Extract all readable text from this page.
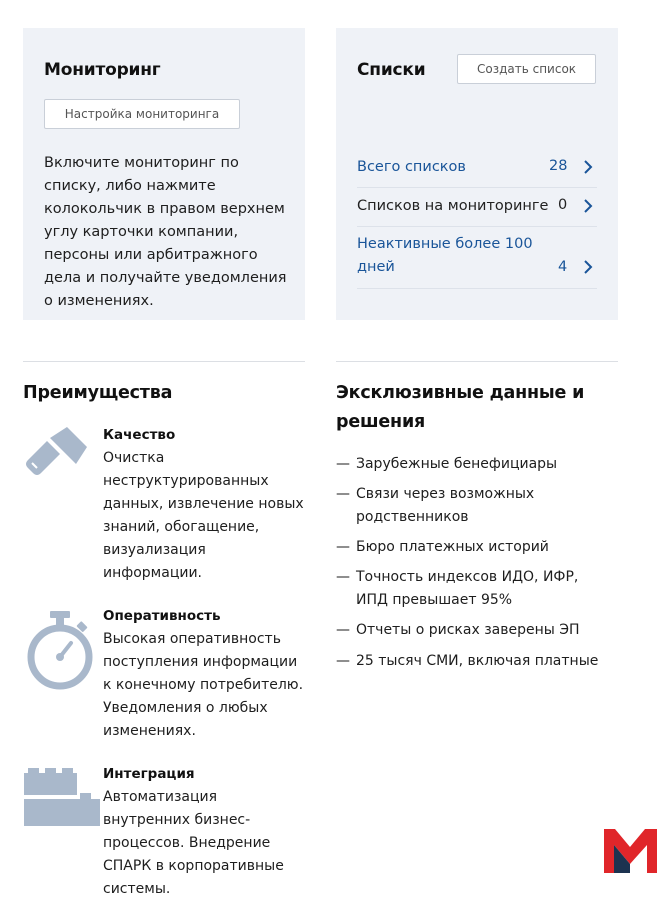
Мониторинг
Настройка мониторинга
Включите мониторинг по списку, либо нажмите колокольчик в правом верхнем углу карточки компании, персоны или арбитражного дела и получайте уведомления о изменениях.
Списки	Создать список
Всего списков	28
Списков на мониторинге 0
Неактивные более 100 дней	4
Преимущества
Качество
Очистка неструктурированных данных, извлечение новых знаний, обогащение, визуализация информации.
Оперативность
Высокая оперативность поступления информации к конечному потребителю. Уведомления о любых изменениях.
Интеграция
Автоматизация внутренних бизнес-процессов. Внедрение СПАРК в корпоративные системы.
Эксклюзивные данные и решения
— Зарубежные бенефициары
— Связи через возможных родственников
— Бюро платежных историй
— Точность индексов ИДО, ИФР, ИПД превышает 95%
— Отчеты о рисках заверены ЭП
— 25 тысяч СМИ, включая платные
